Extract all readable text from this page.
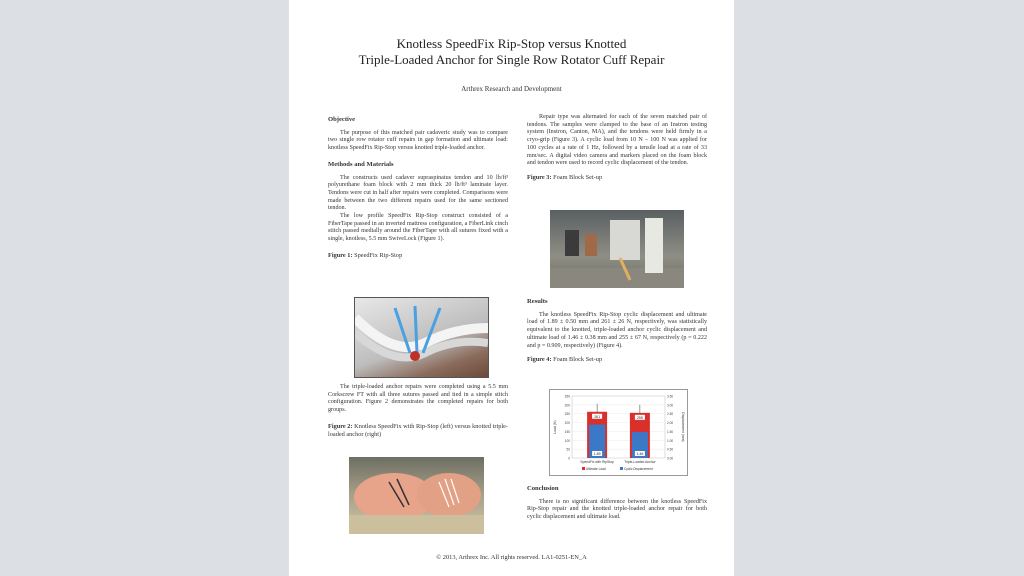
Knotless SpeedFix Rip-Stop versus Knotted
Triple-Loaded Anchor for Single Row Rotator Cuff Repair
Arthrex Research and Development

Objective

The purpose of this matched pair cadaveric study was to compare two single row rotator cuff repairs in gap formation and ultimate load: knotless SpeedFix Rip-Stop versus knotted triple-loaded anchor.

Methods and Materials

The constructs used cadaver supraspinatus tendon and 10 lb/ft³ polyurethane foam block with 2 mm thick 20 lb/ft³ laminate layer. Tendons were cut in half after repairs were completed. Comparisons were made between the two different repairs used for the same sectioned tendon.

The low profile SpeedFix Rip-Stop construct consisted of a FiberTape passed in an inverted mattress configuration, a FiberLink cinch stitch passed medially around the FiberTape with all sutures fixed with a single, knotless, 5.5 mm SwiveLock (Figure 1).

Figure 1: SpeedFix Rip-Stop

The triple-loaded anchor repairs were completed using a 5.5 mm Corkscrew FT with all three sutures passed and tied in a simple stitch configuration. Figure 2 demonstrates the completed repairs for both groups.

Figure 2: Knotless SpeedFix with Rip-Stop (left) versus knotted triple-loaded anchor (right)

Repair type was alternated for each of the seven matched pair of tendons. The samples were clamped to the base of an Instron testing system (Instron, Canton, MA), and the tendons were held firmly in a cryo-grip (Figure 3). A cyclic load from 10 N – 100 N was applied for 100 cycles at a rate of 1 Hz, followed by a tensile load at a rate of 33 mm/sec. A digital video camera and markers placed on the foam block and tendon were used to record cyclic displacement of the tendon.

Figure 3: Foam Block Set-up

Results

The knotless SpeedFix Rip-Stop cyclic displacement and ultimate load of 1.89 ± 0.50 mm and 261 ± 26 N, respectively, was statistically equivalent to the knotted, triple-loaded anchor cyclic displacement and ultimate load of 1.46 ± 0.38 mm and 255 ± 67 N, respectively (p = 0.222 and p = 0.909, respectively) (Figure 4).

Figure 4: Foam Block Set-up

0
50
100
150
200
250
300
350
0.00
0.50
1.00
1.50
2.00
2.50
3.00
3.50
Load (N)	Displacement (mm)
261
1.89
SpeedFix with RipStop
255
1.46
Triple-Loaded Anchor
Ultimate Load	Cyclic Displacement

Conclusion

There is no significant difference between the knotless SpeedFix Rip-Stop repair and the knotted triple-loaded anchor repair for both cyclic displacement and ultimate load.

© 2013, Arthrex Inc. All rights reserved. LA1-0251-EN_A
